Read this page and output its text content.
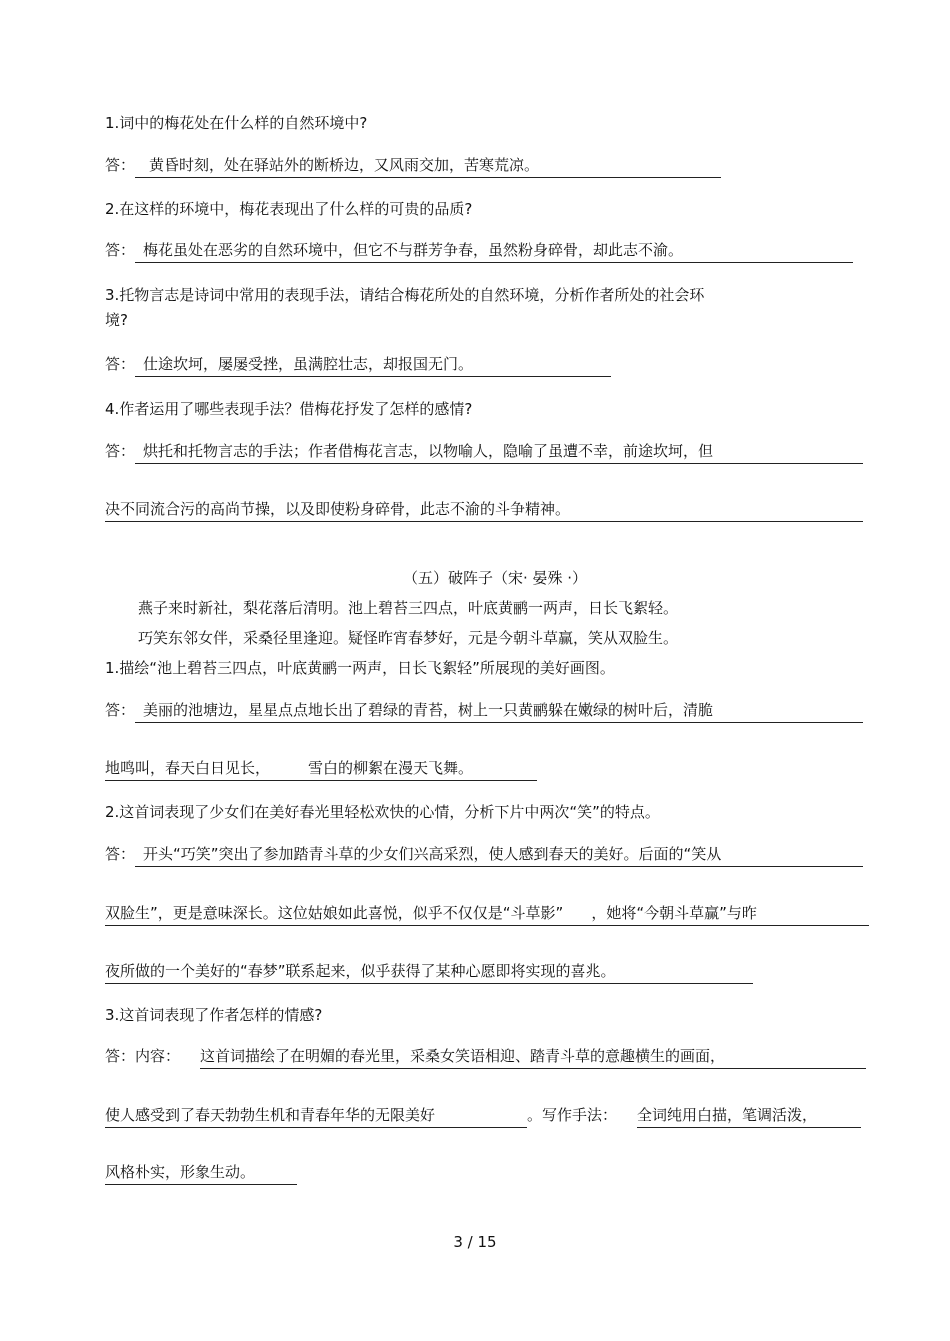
1.词中的梅花处在什么样的自然环境中?
答： 黄昏时刻，处在驿站外的断桥边，又风雨交加，苦寒荒凉。
2.在这样的环境中，梅花表现出了什么样的可贵的品质?
答： 梅花虽处在恶劣的自然环境中，但它不与群芳争春，虽然粉身碎骨，却此志不渝。
3.托物言志是诗词中常用的表现手法，请结合梅花所处的自然环境，分析作者所处的社会环
境?
答： 仕途坎坷，屡屡受挫，虽满腔壮志，却报国无门。
4.作者运用了哪些表现手法？借梅花抒发了怎样的感情?
答： 烘托和托物言志的手法；作者借梅花言志，以物喻人，隐喻了虽遭不幸，前途坎坷，但
决不同流合污的高尚节操，以及即使粉身碎骨，此志不渝的斗争精神。
（五）破阵子（宋· 晏殊 ·）
燕子来时新社，梨花落后清明。池上碧苔三四点，叶底黄鹂一两声，日长飞絮轻。
巧笑东邻女伴，采桑径里逢迎。疑怪昨宵春梦好，元是今朝斗草赢，笑从双脸生。
1.描绘“池上碧苔三四点，叶底黄鹂一两声，日长飞絮轻”所展现的美好画图。
答： 美丽的池塘边，星星点点地长出了碧绿的青苔，树上一只黄鹂躲在嫩绿的树叶后，清脆
地鸣叫，春天白日见长，	雪白的柳絮在漫天飞舞。
2.这首词表现了少女们在美好春光里轻松欢快的心情，分析下片中两次“笑”的特点。
答： 开头“巧笑”突出了参加踏青斗草的少女们兴高采烈，使人感到春天的美好。后面的“笑从
双脸生”，更是意味深长。这位姑娘如此喜悦，似乎不仅仅是“斗草影” ，她将“今朝斗草赢”与昨
夜所做的一个美好的“春梦”联系起来，似乎获得了某种心愿即将实现的喜兆。
3.这首词表现了作者怎样的情感?
答：内容： 这首词描绘了在明媚的春光里，采桑女笑语相迎、踏青斗草的意趣横生的画面，
使人感受到了春天勃勃生机和青春年华的无限美好	。写作手法： 全词纯用白描，笔调活泼，
风格朴实，形象生动。
3 / 15
